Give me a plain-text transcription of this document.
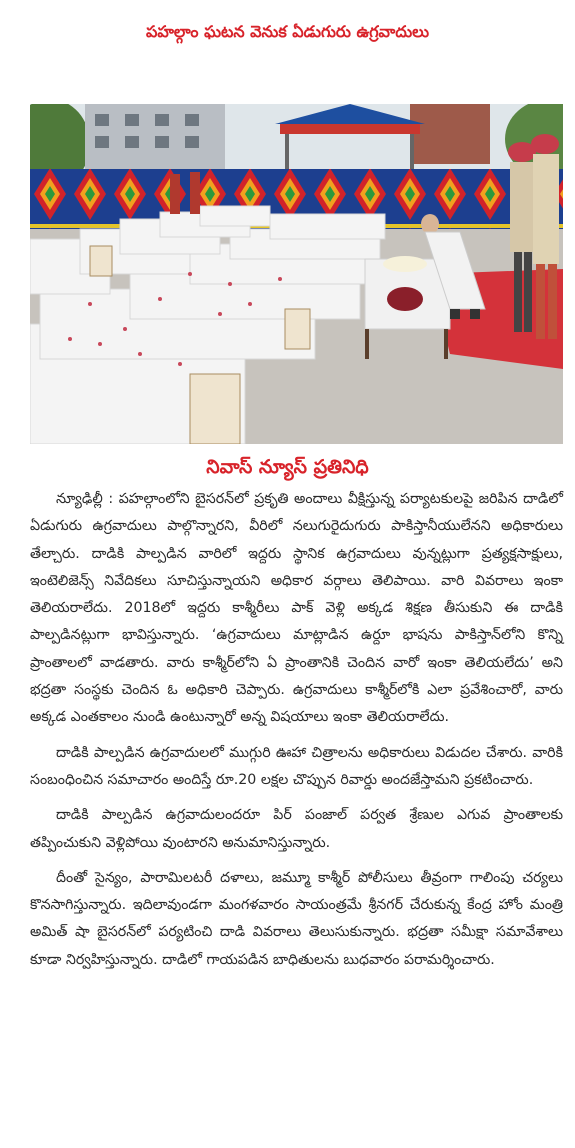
పహల్గాం ఘటన వెనుక ఏడుగురు ఉగ్రవాదులు
నివాస్‌ న్యూస్‌ ప్రతినిధి

న్యూఢిల్లీ : పహల్గాంలోని బైసరన్‌లో ప్రకృతి అందాలు వీక్షిస్తున్న పర్యాటకులపై జరిపిన దాడిలో ఏడుగురు ఉగ్రవాదులు పాల్గొన్నారని, వీరిలో నలుగురైదుగురు పాకిస్తానీయులేనని అధికారులు తేల్చారు. దాడికి పాల్పడిన వారిలో ఇద్దరు స్థానిక ఉగ్రవాదులు వున్నట్లుగా ప్రత్యక్షసాక్షులు, ఇంటెలిజెన్స్‌ నివేదికలు సూచిస్తున్నాయని అధికార వర్గాలు తెలిపాయి. వారి వివరాలు ఇంకా తెలియరాలేదు. 2018లో ఇద్దరు కాశ్మీరీలు పాక్‌ వెళ్లి అక్కడ శిక్షణ తీసుకుని ఈ దాడికి పాల్పడినట్లుగా భావిస్తున్నారు. ‘ఉగ్రవాదులు మాట్లాడిన ఉర్దూ భాషను పాకిస్తాన్‌లోని కొన్ని ప్రాంతాలలో వాడతారు. వారు కాశ్మీర్‌లోని ఏ ప్రాంతానికి చెందిన వారో ఇంకా తెలియలేదు’ అని భద్రతా సంస్థకు చెందిన ఓ అధికారి చెప్పారు. ఉగ్రవాదులు కాశ్మీర్‌లోకి ఎలా ప్రవేశించారో, వారు అక్కడ ఎంతకాలం నుండి ఉంటున్నారో అన్న విషయాలు ఇంకా తెలియరాలేదు.

దాడికి పాల్పడిన ఉగ్రవాదులలో ముగ్గురి ఊహా చిత్రాలను అధికారులు విడుదల చేశారు. వారికి సంబంధించిన సమాచారం అందిస్తే రూ.20 లక్షల చొప్పున రివార్డు అందజేస్తామని ప్రకటించారు.

దాడికి పాల్పడిన ఉగ్రవాదులందరూ పిర్‌ పంజాల్‌ పర్వత శ్రేణుల ఎగువ ప్రాంతాలకు తప్పించుకుని వెళ్లిపోయి వుంటారని అనుమానిస్తున్నారు.

దీంతో సైన్యం, పారామిలటరీ దళాలు, జమ్మూ కాశ్మీర్‌ పోలీసులు తీవ్రంగా గాలింపు చర్యలు కొనసాగిస్తున్నారు. ఇదిలావుండగా మంగళవారం సాయంత్రమే శ్రీనగర్‌ చేరుకున్న కేంద్ర హోం మంత్రి అమిత్‌ షా బైసరన్‌లో పర్యటించి దాడి వివరాలు తెలుసుకున్నారు. భద్రతా సమీక్షా సమావేశాలు కూడా నిర్వహిస్తున్నారు. దాడిలో గాయపడిన బాధితులను బుధవారం పరామర్శించారు.
